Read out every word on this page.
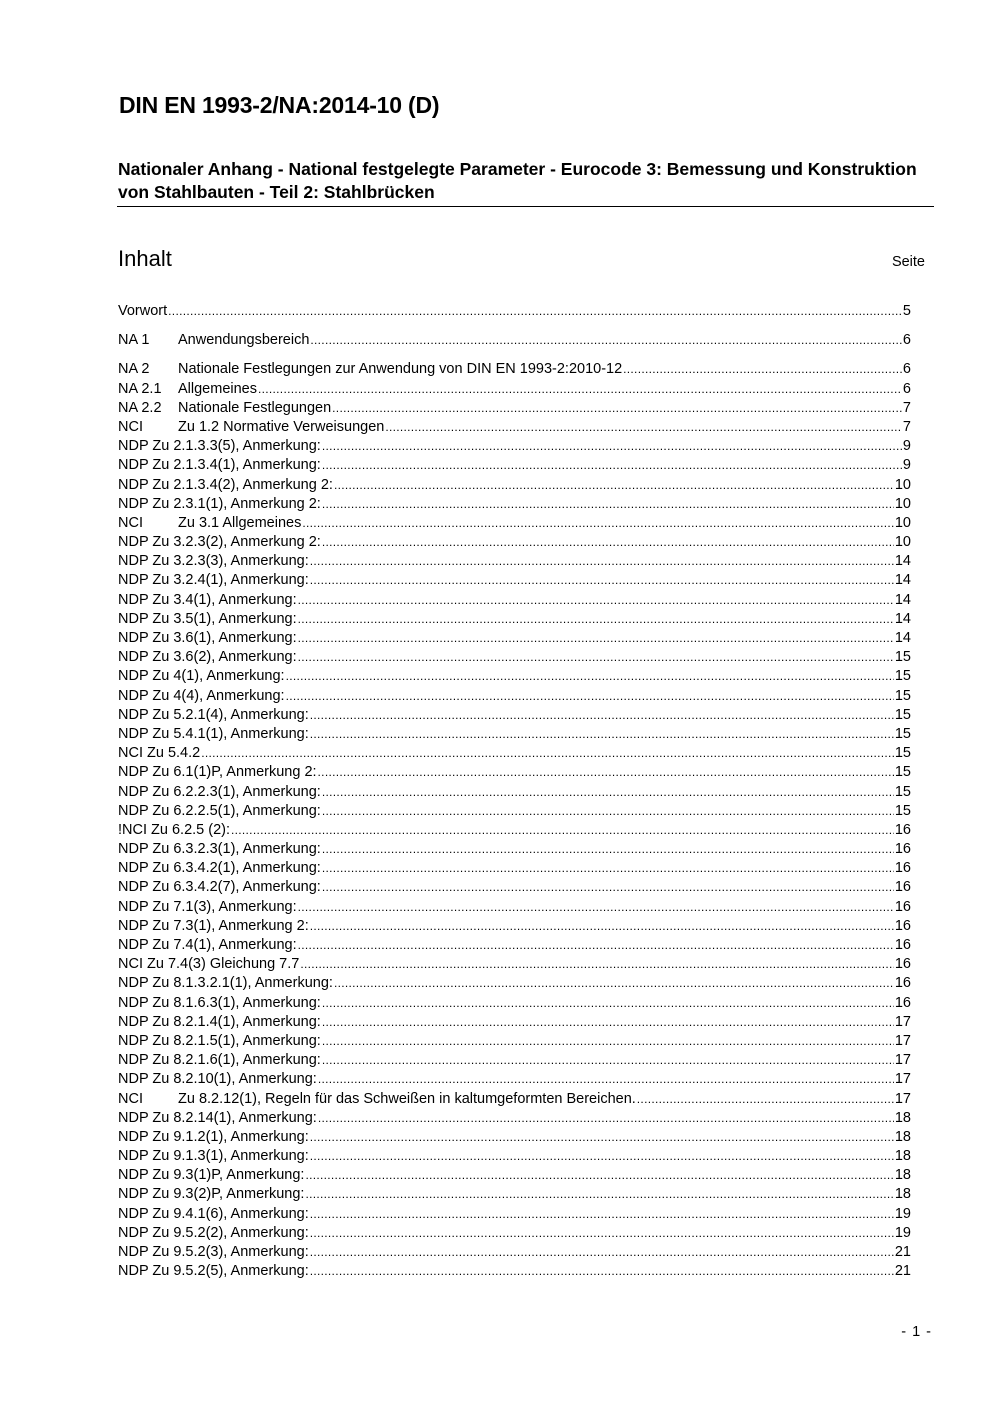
DIN EN 1993-2/NA:2014-10 (D)
Nationaler Anhang - National festgelegte Parameter - Eurocode 3: Bemessung und Konstruktion von Stahlbauten - Teil 2: Stahlbrücken
Inhalt	Seite
Vorwort .....	5
NA 1	Anwendungsbereich .....	6
NA 2	Nationale Festlegungen zur Anwendung von DIN EN 1993-2:2010-12 .....	6
NA 2.1	Allgemeines .....	6
NA 2.2	Nationale Festlegungen .....	7
NCI	Zu 1.2 Normative Verweisungen .....	7
NDP Zu 2.1.3.3(5), Anmerkung: .....	9
NDP Zu 2.1.3.4(1), Anmerkung: .....	9
NDP Zu 2.1.3.4(2), Anmerkung 2: .....	10
NDP Zu 2.3.1(1), Anmerkung 2: .....	10
NCI	Zu 3.1 Allgemeines .....	10
NDP Zu 3.2.3(2), Anmerkung 2: .....	10
NDP Zu 3.2.3(3), Anmerkung: .....	14
NDP Zu 3.2.4(1), Anmerkung: .....	14
NDP Zu 3.4(1), Anmerkung: .....	14
NDP Zu 3.5(1), Anmerkung: .....	14
NDP Zu 3.6(1), Anmerkung: .....	14
NDP Zu 3.6(2), Anmerkung: .....	15
NDP Zu 4(1), Anmerkung: .....	15
NDP Zu 4(4), Anmerkung: .....	15
NDP Zu 5.2.1(4), Anmerkung: .....	15
NDP Zu 5.4.1(1), Anmerkung: .....	15
NCI Zu 5.4.2 .....	15
NDP Zu 6.1(1)P, Anmerkung 2: .....	15
NDP Zu 6.2.2.3(1), Anmerkung: .....	15
NDP Zu 6.2.2.5(1), Anmerkung: .....	15
!NCI Zu 6.2.5 (2): .....	16
NDP Zu 6.3.2.3(1), Anmerkung: .....	16
NDP Zu 6.3.4.2(1), Anmerkung: .....	16
NDP Zu 6.3.4.2(7), Anmerkung: .....	16
NDP Zu 7.1(3), Anmerkung: .....	16
NDP Zu 7.3(1), Anmerkung 2: .....	16
NDP Zu 7.4(1), Anmerkung: .....	16
NCI Zu 7.4(3) Gleichung 7.7 .....	16
NDP Zu 8.1.3.2.1(1), Anmerkung: .....	16
NDP Zu 8.1.6.3(1), Anmerkung: .....	16
NDP Zu 8.2.1.4(1), Anmerkung: .....	17
NDP Zu 8.2.1.5(1), Anmerkung: .....	17
NDP Zu 8.2.1.6(1), Anmerkung: .....	17
NDP Zu 8.2.10(1), Anmerkung: .....	17
NCI	Zu 8.2.12(1), Regeln für das Schweißen in kaltumgeformten Bereichen. .....	17
NDP Zu 8.2.14(1), Anmerkung: .....	18
NDP Zu 9.1.2(1), Anmerkung: .....	18
NDP Zu 9.1.3(1), Anmerkung: .....	18
NDP Zu 9.3(1)P, Anmerkung: .....	18
NDP Zu 9.3(2)P, Anmerkung: .....	18
NDP Zu 9.4.1(6), Anmerkung: .....	19
NDP Zu 9.5.2(2), Anmerkung: .....	19
NDP Zu 9.5.2(3), Anmerkung: .....	21
NDP Zu 9.5.2(5), Anmerkung: .....	21
- 1 -
